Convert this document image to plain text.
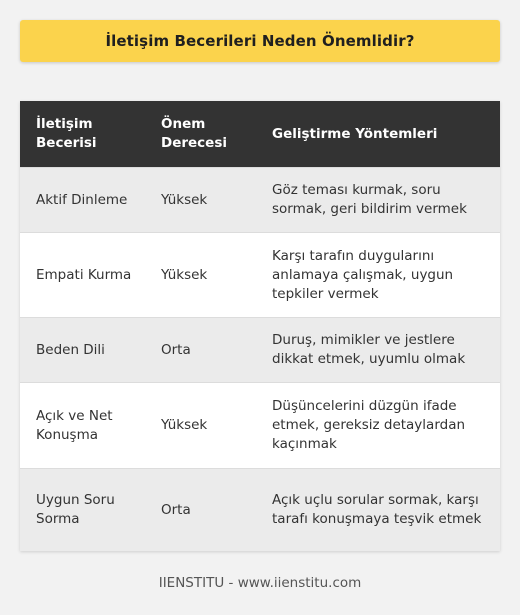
İletişim Becerileri Neden Önemlidir?
İletişim Becerisi	Önem Derecesi	Geliştirme Yöntemleri
Aktif Dinleme	Yüksek	Göz teması kurmak, soru sormak, geri bildirim vermek
Empati Kurma	Yüksek	Karşı tarafın duygularını anlamaya çalışmak, uygun tepkiler vermek
Beden Dili	Orta	Duruş, mimikler ve jestlere dikkat etmek, uyumlu olmak
Açık ve Net Konuşma	Yüksek	Düşüncelerini düzgün ifade etmek, gereksiz detaylardan kaçınmak
Uygun Soru Sorma	Orta	Açık uçlu sorular sormak, karşı tarafı konuşmaya teşvik etmek
IIENSTITU - www.iienstitu.com
